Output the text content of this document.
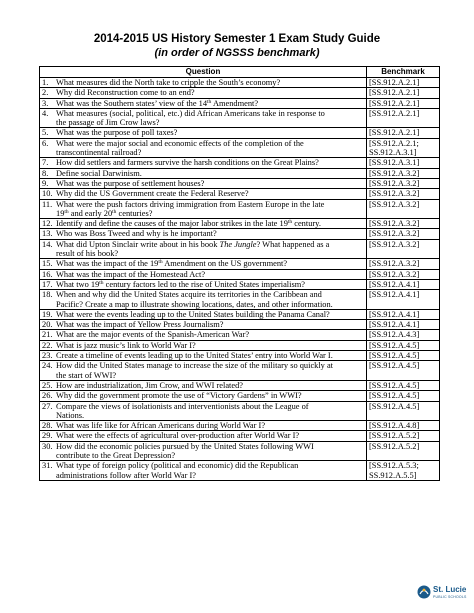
2014-2015 US History Semester 1 Exam Study Guide
(in order of NGSSS benchmark)
Question	Benchmark

1. What measures did the North take to cripple the South’s economy?	[SS.912.A.2.1]

2. Why did Reconstruction come to an end?	[SS.912.A.2.1]

3. What was the Southern states’ view of the 14th Amendment?	[SS.912.A.2.1]

4. What measures (social, political, etc.) did African Americans take in response to
the passage of Jim Crow laws?	[SS.912.A.2.1]

5. What was the purpose of poll taxes?	[SS.912.A.2.1]

6. What were the major social and economic effects of the completion of the
transcontinental railroad?	[SS.912.A.2.1;
SS.912.A.3.1]

7. How did settlers and farmers survive the harsh conditions on the Great Plains?	[SS.912.A.3.1]

8. Define social Darwinism.	[SS.912.A.3.2]

9. What was the purpose of settlement houses?	[SS.912.A.3.2]

10. Why did the US Government create the Federal Reserve?	[SS.912.A.3.2]

11. What were the push factors driving immigration from Eastern Europe in the late
19th and early 20th centuries?	[SS.912.A.3.2]

12. Identify and define the causes of the major labor strikes in the late 19th century.	[SS.912.A.3.2]

13. Who was Boss Tweed and why is he important?	[SS.912.A.3.2]

14. What did Upton Sinclair write about in his book The Jungle? What happened as a
result of his book?	[SS.912.A.3.2]

15. What was the impact of the 19th Amendment on the US government?	[SS.912.A.3.2]

16. What was the impact of the Homestead Act?	[SS.912.A.3.2]

17. What two 19th century factors led to the rise of United States imperialism?	[SS.912.A.4.1]

18. When and why did the United States acquire its territories in the Caribbean and
Pacific? Create a map to illustrate showing locations, dates, and other information.	[SS.912.A.4.1]

19. What were the events leading up to the United States building the Panama Canal?	[SS.912.A.4.1]

20. What was the impact of Yellow Press Journalism?	[SS.912.A.4.1]

21. What are the major events of the Spanish-American War?	[SS.912.A.4.3]

22. What is jazz music’s link to World War I?	[SS.912.A.4.5]

23. Create a timeline of events leading up to the United States’ entry into World War I.	[SS.912.A.4.5]

24. How did the United States manage to increase the size of the military so quickly at
the start of WWI?	[SS.912.A.4.5]

25. How are industrialization, Jim Crow, and WWI related?	[SS.912.A.4.5]

26. Why did the government promote the use of “Victory Gardens” in WWI?	[SS.912.A.4.5]

27. Compare the views of isolationists and interventionists about the League of
Nations.	[SS.912.A.4.5]

28. What was life like for African Americans during World War I?	[SS.912.A.4.8]

29. What were the effects of agricultural over-production after World War I?	[SS.912.A.5.2]

30. How did the economic policies pursued by the United States following WWI
contribute to the Great Depression?	[SS.912.A.5.2]

31. What type of foreign policy (political and economic) did the Republican
administrations follow after World War I?	[SS.912.A.5.3;
SS.912.A.5.5]
St. Lucie
PUBLIC SCHOOLS
